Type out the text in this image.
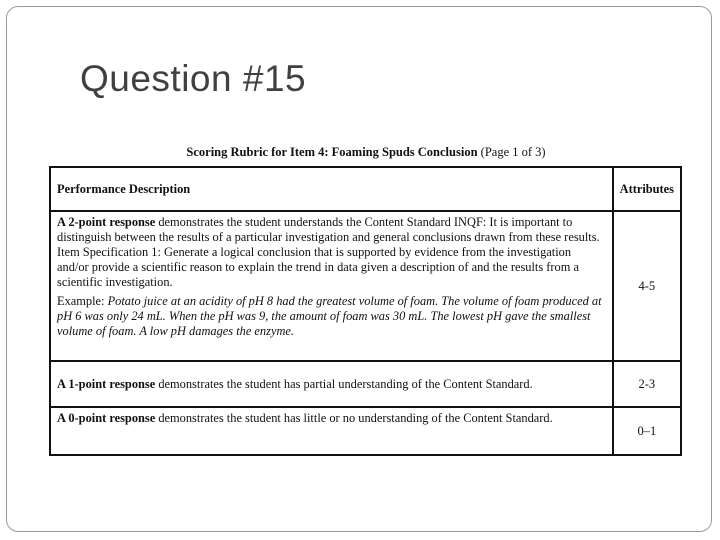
Question #15
Scoring Rubric for Item 4: Foaming Spuds Conclusion (Page 1 of 3)
Performance Description	Attributes

A 2-point response demonstrates the student understands the Content Standard INQF: It is important to distinguish between the results of a particular investigation and general conclusions drawn from these results. Item Specification 1: Generate a logical conclusion that is supported by evidence from the investigation and/or provide a scientific reason to explain the trend in data given a description of and the results from a scientific investigation.
Example: Potato juice at an acidity of pH 8 had the greatest volume of foam. The volume of foam produced at pH 6 was only 24 mL. When the pH was 9, the amount of foam was 30 mL. The lowest pH gave the smallest volume of foam. A low pH damages the enzyme.	4-5
A 1-point response demonstrates the student has partial understanding of the Content Standard.	2-3
A 0-point response demonstrates the student has little or no understanding of the Content Standard.	0–1
